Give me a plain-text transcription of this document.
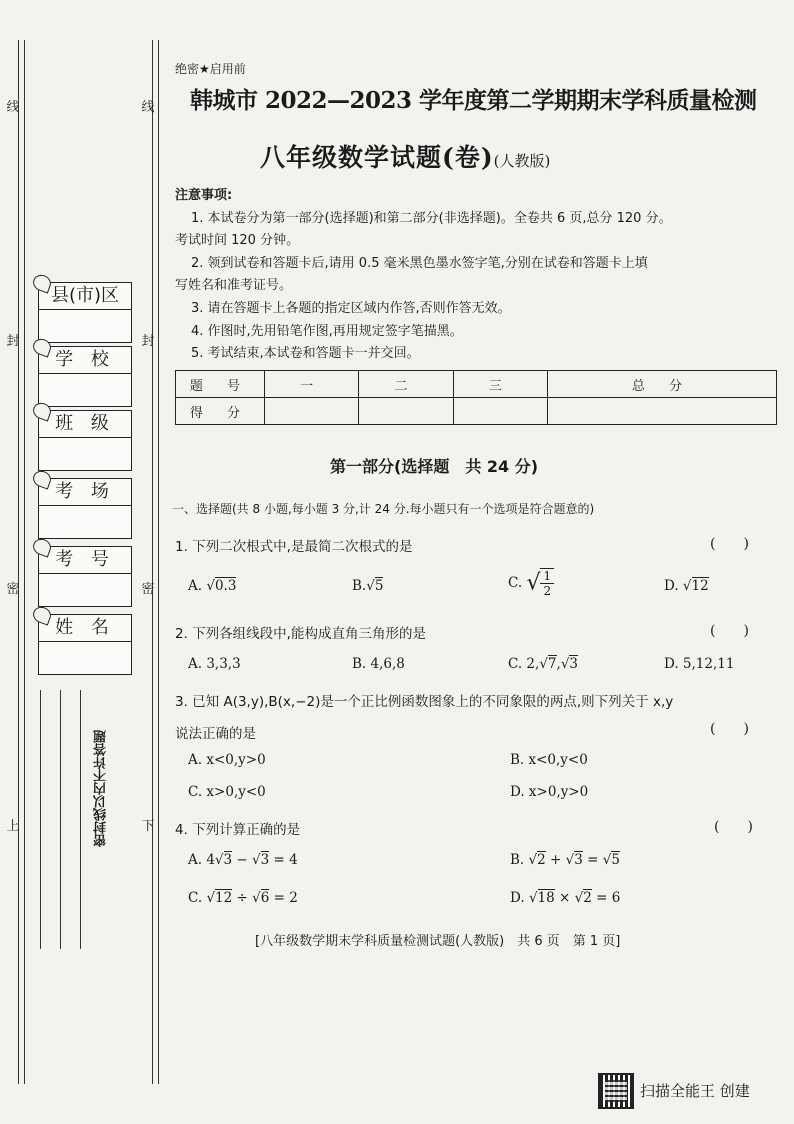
线
封
密
上
线
封
密
下
县(市)区
学 校
班 级
考 场
考 号
姓 名
密封线以内不许答题
绝密★启用前
韩城市 2022—2023 学年度第二学期期末学科质量检测
八年级数学试题(卷)(人教版)
注意事项:
1. 本试卷分为第一部分(选择题)和第二部分(非选择题)。全卷共 6 页,总分 120 分。
考试时间 120 分钟。
2. 领到试卷和答题卡后,请用 0.5 毫米黑色墨水签字笔,分别在试卷和答题卡上填
写姓名和准考证号。
3. 请在答题卡上各题的指定区域内作答,否则作答无效。
4. 作图时,先用铅笔作图,再用规定签字笔描黑。
5. 考试结束,本试卷和答题卡一并交回。
题 号	一	二	三	总 分
得 分				
第一部分(选择题　共 24 分)
一、选择题(共 8 小题,每小题 3 分,计 24 分.每小题只有一个选项是符合题意的)
1. 下列二次根式中,是最简二次根式的是	(　　)
A. √0.3	B.√5	C. √ $\frac{1}{2}$	D. √12
2. 下列各组线段中,能构成直角三角形的是	(　　)
A. 3,3,3	B. 4,6,8	C. 2,√7,√3	D. 5,12,11
3. 已知 A(3,y),B(x,−2)是一个正比例函数图象上的不同象限的两点,则下列关于 x,y
说法正确的是	(　　)
A. x<0,y>0	B. x<0,y<0
C. x>0,y<0	D. x>0,y>0
4. 下列计算正确的是	(　　)
A. 4√3 − √3 = 4	B. √2 + √3 = √5
C. √12 ÷ √6 = 2	D. √18 × √2 = 6
[八年级数学期末学科质量检测试题(人教版)　共 6 页　第 1 页]
扫描全能王 创建
